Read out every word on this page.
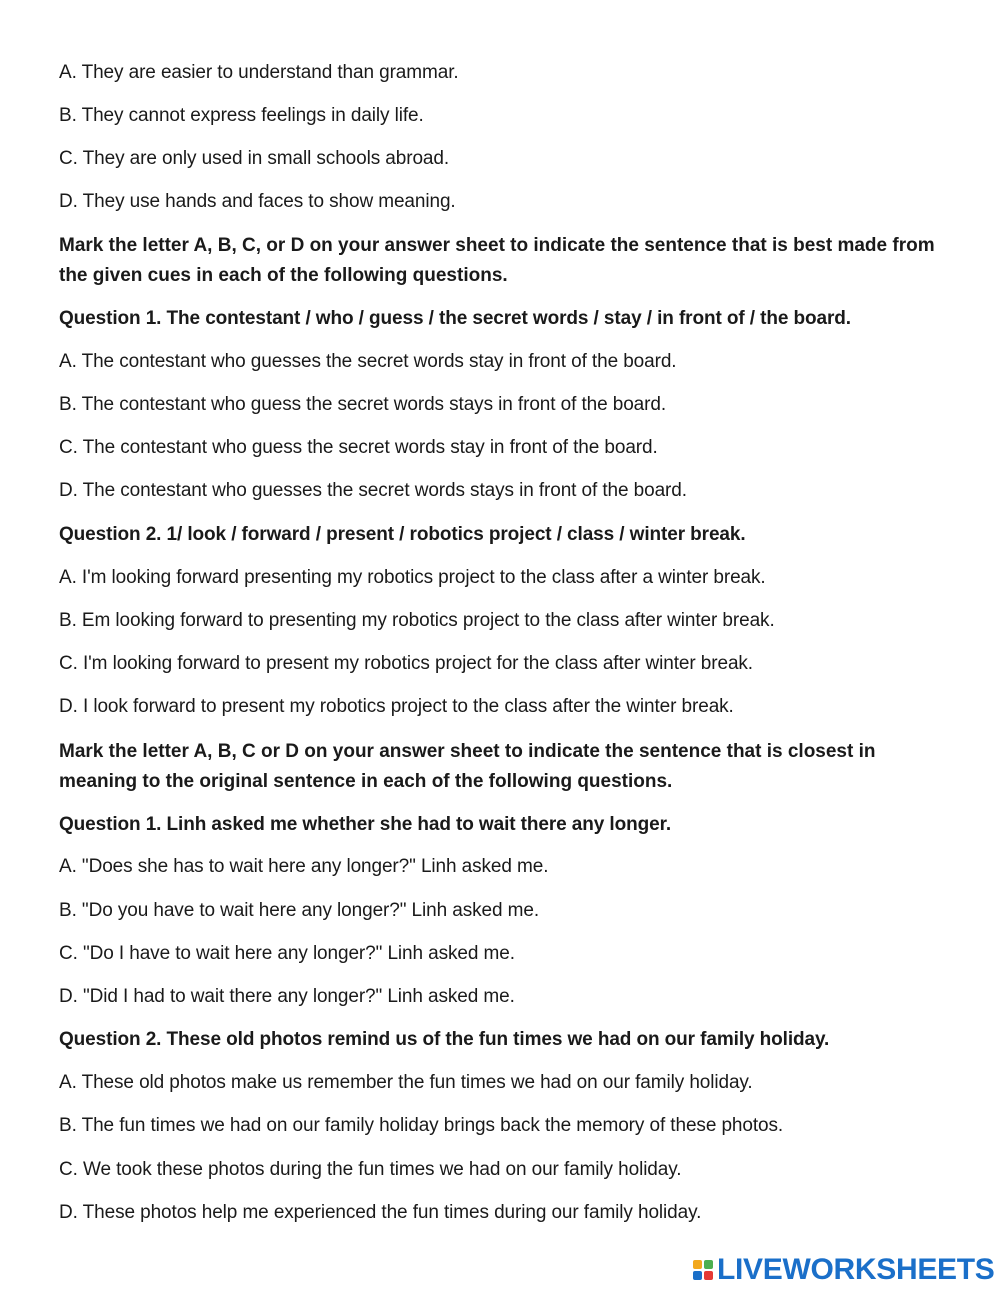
A. They are easier to understand than grammar.
B. They cannot express feelings in daily life.
C. They are only used in small schools abroad.
D. They use hands and faces to show meaning.
Mark the letter A, B, C, or D on your answer sheet to indicate the sentence that is best made from the given cues in each of the following questions.
Question 1. The contestant / who / guess / the secret words / stay / in front of / the board.
A. The contestant who guesses the secret words stay in front of the board.
B. The contestant who guess the secret words stays in front of the board.
C. The contestant who guess the secret words stay in front of the board.
D. The contestant who guesses the secret words stays in front of the board.
Question 2. 1/ look / forward / present / robotics project / class / winter break.
A. I'm looking forward presenting my robotics project to the class after a winter break.
B. Em looking forward to presenting my robotics project to the class after winter break.
C. I'm looking forward to present my robotics project for the class after winter break.
D. I look forward to present my robotics project to the class after the winter break.
Mark the letter A, B, C or D on your answer sheet to indicate the sentence that is closest in meaning to the original sentence in each of the following questions.
Question 1. Linh asked me whether she had to wait there any longer.
A. "Does she has to wait here any longer?" Linh asked me.
B. "Do you have to wait here any longer?" Linh asked me.
C. "Do I have to wait here any longer?" Linh asked me.
D. "Did I had to wait there any longer?" Linh asked me.
Question 2. These old photos remind us of the fun times we had on our family holiday.
A. These old photos make us remember the fun times we had on our family holiday.
B. The fun times we had on our family holiday brings back the memory of these photos.
C. We took these photos during the fun times we had on our family holiday.
D. These photos help me experienced the fun times during our family holiday.
LIVEWORKSHEETS
